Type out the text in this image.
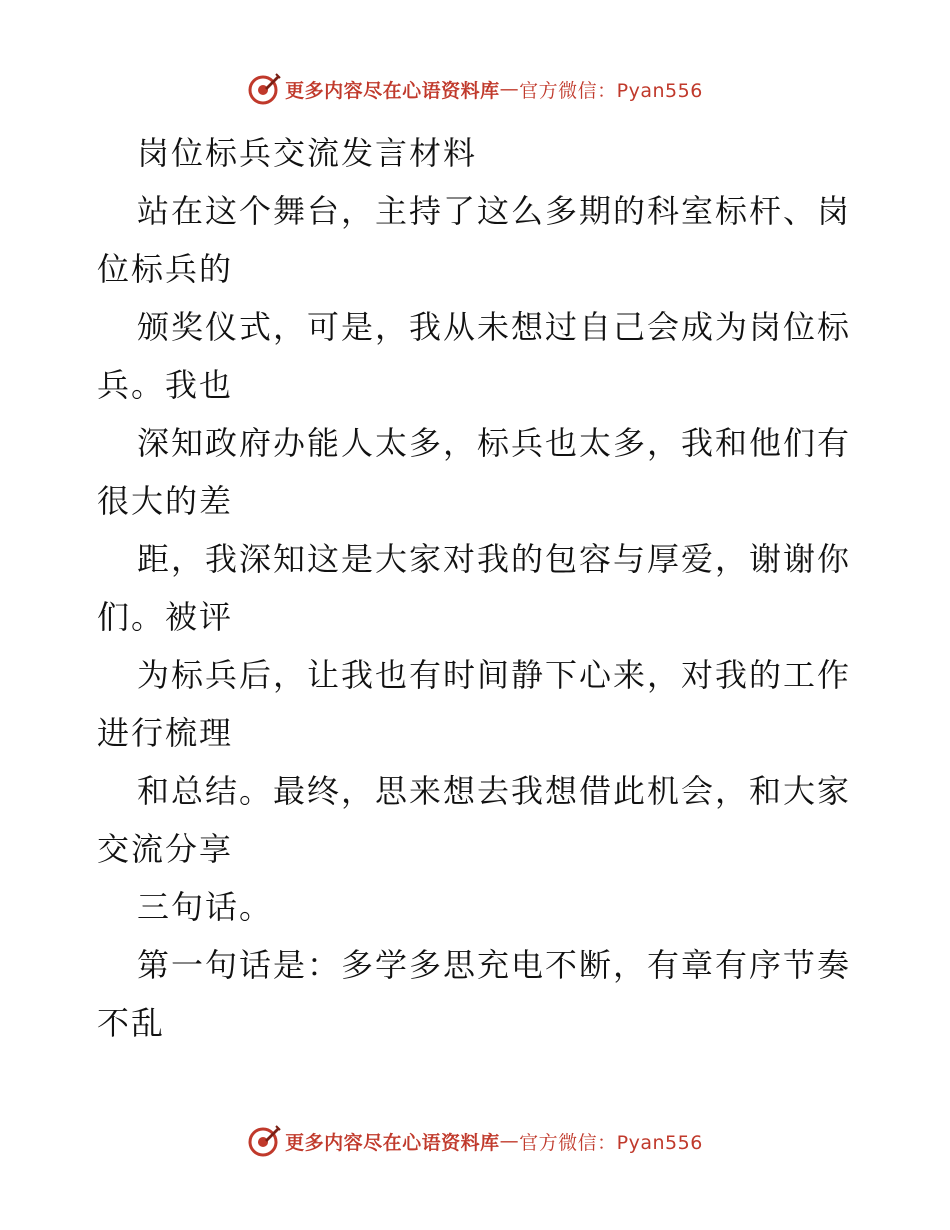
更多内容尽在心语资料库 — 官方微信：Pyan556
岗位标兵交流发言材料
站在这个舞台，主持了这么多期的科室标杆、岗
位标兵的
颁奖仪式，可是，我从未想过自己会成为岗位标
兵。我也
深知政府办能人太多，标兵也太多，我和他们有
很大的差
距，我深知这是大家对我的包容与厚爱，谢谢你
们。被评
为标兵后，让我也有时间静下心来，对我的工作
进行梳理
和总结。最终，思来想去我想借此机会，和大家
交流分享
三句话。
第一句话是：多学多思充电不断，有章有序节奏
不乱
更多内容尽在心语资料库 — 官方微信：Pyan556
